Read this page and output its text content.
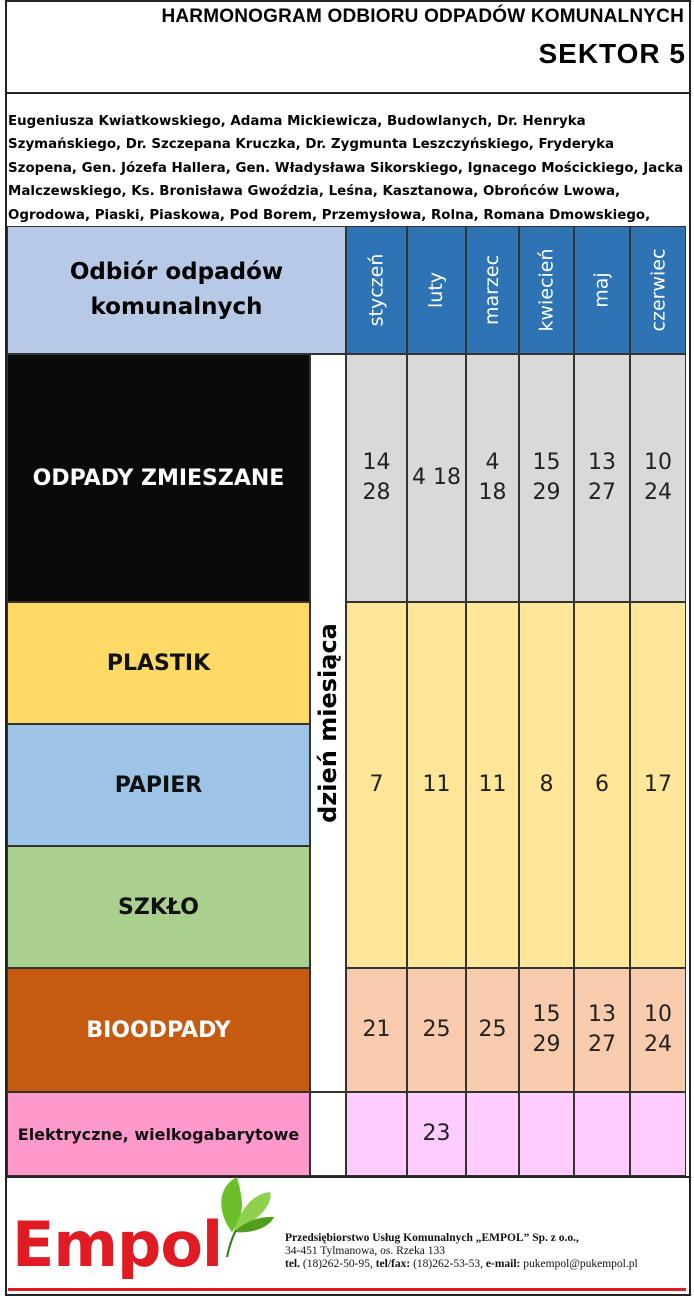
HARMONOGRAM ODBIORU ODPADÓW KOMUNALNYCH
SEKTOR 5
Eugeniusza Kwiatkowskiego, Adama Mickiewicza, Budowlanych, Dr. Henryka Szymańskiego, Dr. Szczepana Kruczka, Dr. Zygmunta Leszczyńskiego, Fryderyka Szopena, Gen. Józefa Hallera, Gen. Władysława Sikorskiego, Ignacego Mościckiego, Jacka Malczewskiego, Ks. Bronisława Gwoździa, Leśna, Kasztanowa, Obrońców Lwowa, Ogrodowa, Piaski, Piaskowa, Pod Borem, Przemysłowa, Rolna, Romana Dmowskiego,
Odbiór odpadów komunalnych	styczeń luty marzec kwiecień maj czerwiec
ODPADY ZMIESZANE
PLASTIK
PAPIER
SZKŁO
BIOODPADY
Elektryczne, wielkogabarytowe
dzień miesiąca
14
28
4 18
4
18
15
29
13
27
10
24
7 11 11 8 6 17
21 25 25
15
29
13
27
10
24
23
Empol	Przedsiębiorstwo Usług Komunalnych „EMPOL” Sp. z o.o.,
34-451 Tylmanowa, os. Rzeka 133
tel. (18)262-50-95, tel/fax: (18)262-53-53, e-mail: pukempol@pukempol.pl
